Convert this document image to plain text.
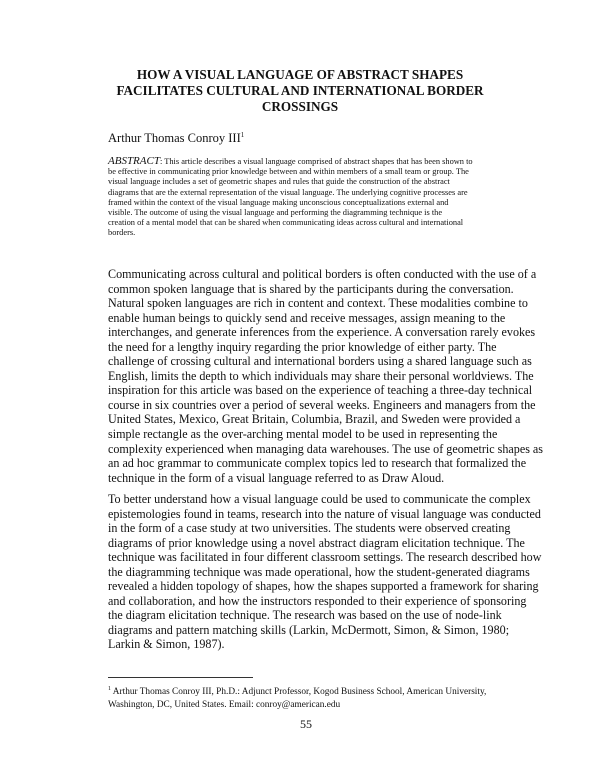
HOW A VISUAL LANGUAGE OF ABSTRACT SHAPES
FACILITATES CULTURAL AND INTERNATIONAL BORDER
CROSSINGS
Arthur Thomas Conroy III$^1$
ABSTRACT: This article describes a visual language comprised of abstract shapes that has been shown to
be effective in communicating prior knowledge between and within members of a small team or group. The
visual language includes a set of geometric shapes and rules that guide the construction of the abstract
diagrams that are the external representation of the visual language. The underlying cognitive processes are
framed within the context of the visual language making unconscious conceptualizations external and
visible. The outcome of using the visual language and performing the diagramming technique is the
creation of a mental model that can be shared when communicating ideas across cultural and international
borders.
Communicating across cultural and political borders is often conducted with the use of a
common spoken language that is shared by the participants during the conversation.
Natural spoken languages are rich in content and context. These modalities combine to
enable human beings to quickly send and receive messages, assign meaning to the
interchanges, and generate inferences from the experience. A conversation rarely evokes
the need for a lengthy inquiry regarding the prior knowledge of either party. The
challenge of crossing cultural and international borders using a shared language such as
English, limits the depth to which individuals may share their personal worldviews. The
inspiration for this article was based on the experience of teaching a three-day technical
course in six countries over a period of several weeks. Engineers and managers from the
United States, Mexico, Great Britain, Columbia, Brazil, and Sweden were provided a
simple rectangle as the over-arching mental model to be used in representing the
complexity experienced when managing data warehouses. The use of geometric shapes as
an ad hoc grammar to communicate complex topics led to research that formalized the
technique in the form of a visual language referred to as Draw Aloud.
To better understand how a visual language could be used to communicate the complex
epistemologies found in teams, research into the nature of visual language was conducted
in the form of a case study at two universities. The students were observed creating
diagrams of prior knowledge using a novel abstract diagram elicitation technique. The
technique was facilitated in four different classroom settings. The research described how
the diagramming technique was made operational, how the student-generated diagrams
revealed a hidden topology of shapes, how the shapes supported a framework for sharing
and collaboration, and how the instructors responded to their experience of sponsoring
the diagram elicitation technique. The research was based on the use of node-link
diagrams and pattern matching skills (Larkin, McDermott, Simon, & Simon, 1980;
Larkin & Simon, 1987).
$^1$ Arthur Thomas Conroy III, Ph.D.: Adjunct Professor, Kogod Business School, American University,
Washington, DC, United States. Email: conroy@american.edu
55
